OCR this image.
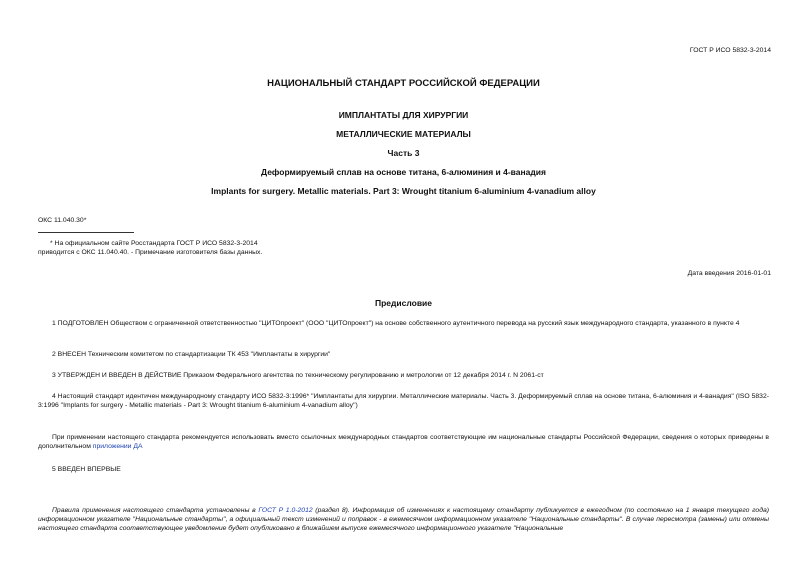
ГОСТ Р ИСО 5832-3-2014
НАЦИОНАЛЬНЫЙ СТАНДАРТ РОССИЙСКОЙ ФЕДЕРАЦИИ
ИМПЛАНТАТЫ ДЛЯ ХИРУРГИИ
МЕТАЛЛИЧЕСКИЕ МАТЕРИАЛЫ
Часть 3
Деформируемый сплав на основе титана, 6-алюминия и 4-ванадия
Implants for surgery. Metallic materials. Part 3: Wrought titanium 6-aluminium 4-vanadium alloy
ОКС 11.040.30*
* На официальном сайте Росстандарта ГОСТ Р ИСО 5832-3-2014
приводится с ОКС 11.040.40. - Примечание изготовителя базы данных.
Дата введения 2016-01-01
Предисловие
1 ПОДГОТОВЛЕН Обществом с ограниченной ответственностью "ЦИТОпроект" (ООО "ЦИТОпроект") на основе собственного аутентичного перевода на русский язык международного стандарта, указанного в пункте 4
2 ВНЕСЕН Техническим комитетом по стандартизации ТК 453 "Имплантаты в хирургии"
3 УТВЕРЖДЕН И ВВЕДЕН В ДЕЙСТВИЕ Приказом Федерального агентства по техническому регулированию и метрологии от 12 декабря 2014 г. N 2061-ст
4 Настоящий стандарт идентичен международному стандарту ИСО 5832-3:1996* "Имплантаты для хирургии. Металлические материалы. Часть 3. Деформируемый сплав на основе титана, 6-алюминия и 4-ванадия" (ISO 5832-3:1996 "Implants for surgery - Metallic materials - Part 3: Wrought titanium 6-aluminium 4-vanadium alloy")
При применении настоящего стандарта рекомендуется использовать вместо ссылочных международных стандартов соответствующие им национальные стандарты Российской Федерации, сведения о которых приведены в дополнительном приложении ДА
5 ВВЕДЕН ВПЕРВЫЕ
Правила применения настоящего стандарта установлены в ГОСТ Р 1.0-2012 (раздел 8). Информация об изменениях к настоящему стандарту публикуется в ежегодном (по состоянию на 1 января текущего года) информационном указателе "Национальные стандарты", а официальный текст изменений и поправок - в ежемесячном информационном указателе "Национальные стандарты". В случае пересмотра (замены) или отмены настоящего стандарта соответствующее уведомление будет опубликовано в ближайшем выпуске ежемесячного информационного указателе "Национальные
